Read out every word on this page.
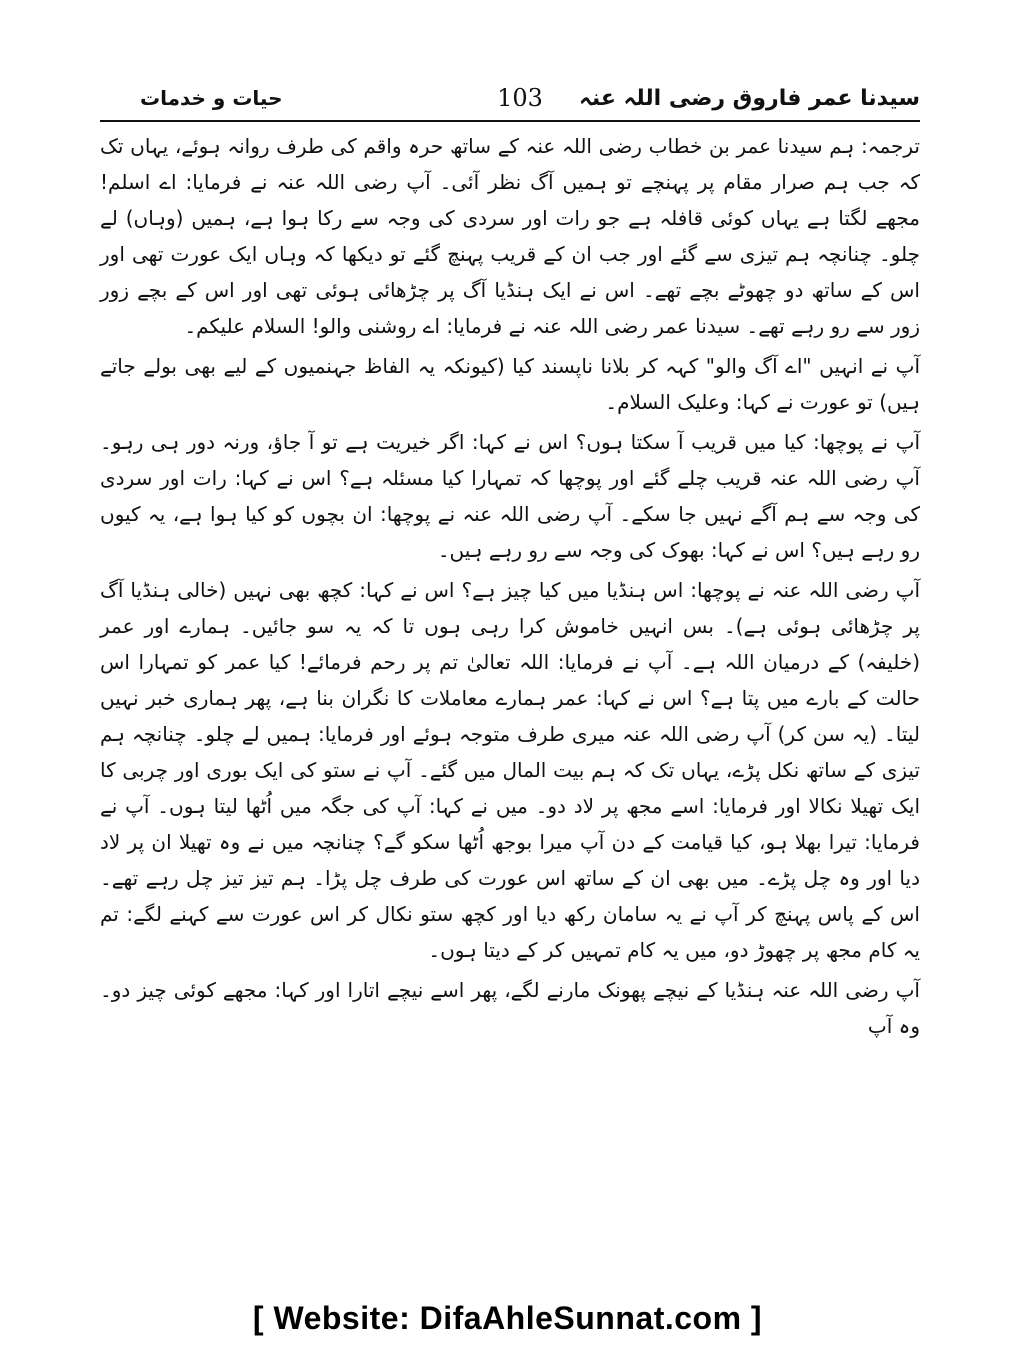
سیدنا عمر فاروق رضی اللہ عنہ
103
حیات و خدمات

ترجمہ: ہم سیدنا عمر بن خطاب رضی اللہ عنہ کے ساتھ حرہ واقم کی طرف روانہ ہوئے، یہاں تک کہ جب ہم صرار مقام پر پہنچے تو ہمیں آگ نظر آئی۔ آپ رضی اللہ عنہ نے فرمایا: اے اسلم! مجھے لگتا ہے یہاں کوئی قافلہ ہے جو رات اور سردی کی وجہ سے رکا ہوا ہے، ہمیں (وہاں) لے چلو۔ چنانچہ ہم تیزی سے گئے اور جب ان کے قریب پہنچ گئے تو دیکھا کہ وہاں ایک عورت تھی اور اس کے ساتھ دو چھوٹے بچے تھے۔ اس نے ایک ہنڈیا آگ پر چڑھائی ہوئی تھی اور اس کے بچے زور زور سے رو رہے تھے۔ سیدنا عمر رضی اللہ عنہ نے فرمایا: اے روشنی والو! السلام علیکم۔

آپ نے انہیں "اے آگ والو" کہہ کر بلانا ناپسند کیا (کیونکہ یہ الفاظ جہنمیوں کے لیے بھی بولے جاتے ہیں) تو عورت نے کہا: وعلیک السلام۔

آپ نے پوچھا: کیا میں قریب آ سکتا ہوں؟ اس نے کہا: اگر خیریت ہے تو آ جاؤ، ورنہ دور ہی رہو۔ آپ رضی اللہ عنہ قریب چلے گئے اور پوچھا کہ تمہارا کیا مسئلہ ہے؟ اس نے کہا: رات اور سردی کی وجہ سے ہم آگے نہیں جا سکے۔ آپ رضی اللہ عنہ نے پوچھا: ان بچوں کو کیا ہوا ہے، یہ کیوں رو رہے ہیں؟ اس نے کہا: بھوک کی وجہ سے رو رہے ہیں۔

آپ رضی اللہ عنہ نے پوچھا: اس ہنڈیا میں کیا چیز ہے؟ اس نے کہا: کچھ بھی نہیں (خالی ہنڈیا آگ پر چڑھائی ہوئی ہے)۔ بس انہیں خاموش کرا رہی ہوں تا کہ یہ سو جائیں۔ ہمارے اور عمر (خلیفہ) کے درمیان اللہ ہے۔ آپ نے فرمایا: اللہ تعالیٰ تم پر رحم فرمائے! کیا عمر کو تمہارا اس حالت کے بارے میں پتا ہے؟ اس نے کہا: عمر ہمارے معاملات کا نگران بنا ہے، پھر ہماری خبر نہیں لیتا۔ (یہ سن کر) آپ رضی اللہ عنہ میری طرف متوجہ ہوئے اور فرمایا: ہمیں لے چلو۔ چنانچہ ہم تیزی کے ساتھ نکل پڑے، یہاں تک کہ ہم بیت المال میں گئے۔ آپ نے ستو کی ایک بوری اور چربی کا ایک تھیلا نکالا اور فرمایا: اسے مجھ پر لاد دو۔ میں نے کہا: آپ کی جگہ میں اُٹھا لیتا ہوں۔ آپ نے فرمایا: تیرا بھلا ہو، کیا قیامت کے دن آپ میرا بوجھ اُٹھا سکو گے؟ چنانچہ میں نے وہ تھیلا ان پر لاد دیا اور وہ چل پڑے۔ میں بھی ان کے ساتھ اس عورت کی طرف چل پڑا۔ ہم تیز تیز چل رہے تھے۔ اس کے پاس پہنچ کر آپ نے یہ سامان رکھ دیا اور کچھ ستو نکال کر اس عورت سے کہنے لگے: تم یہ کام مجھ پر چھوڑ دو، میں یہ کام تمہیں کر کے دیتا ہوں۔

آپ رضی اللہ عنہ ہنڈیا کے نیچے پھونک مارنے لگے، پھر اسے نیچے اتارا اور کہا: مجھے کوئی چیز دو۔ وہ آپ

[ Website: DifaAhleSunnat.com ]
